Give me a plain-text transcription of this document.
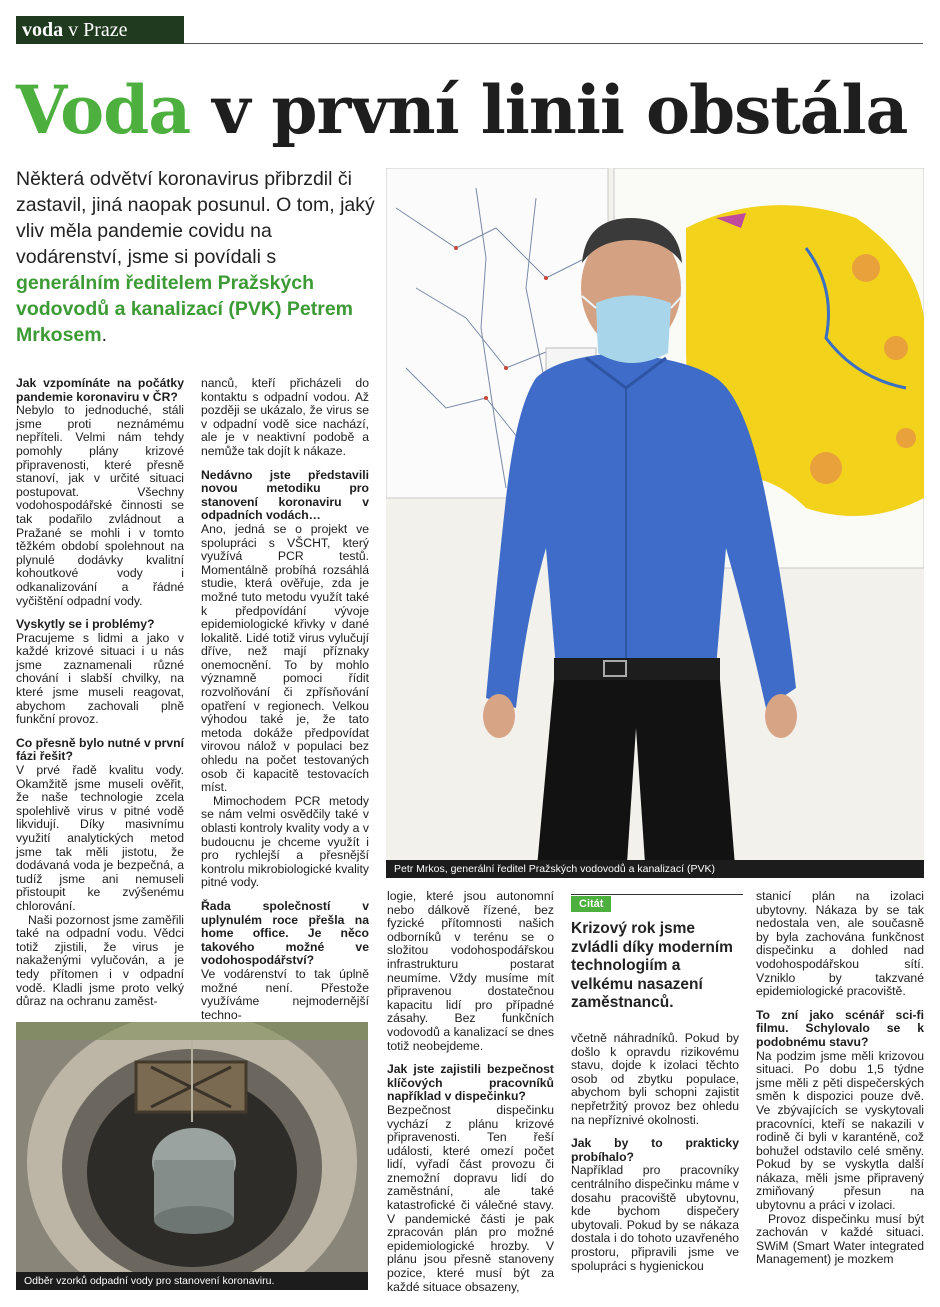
voda v Praze
Voda v první linii obstála
Některá odvětví koronavirus přibrzdil či zastavil, jiná naopak posunul. O tom, jaký vliv měla pandemie covidu na vodárenství, jsme si povídali s generálním ředitelem Pražských vodovodů a kanalizací (PVK) Petrem Mrkosem.
Petr Mrkos, generální ředitel Pražských vodovodů a kanalizací (PVK)

Jak vzpomínáte na počátky pandemie koronaviru v ČR?

Nebylo to jednoduché, stáli jsme proti neznámému nepříteli. Velmi nám tehdy pomohly plány krizové připravenosti, které přesně stanoví, jak v určité situaci postupovat. Všechny vodohospodářské činnosti se tak podařilo zvládnout a Pražané se mohli i v tomto těžkém období spolehnout na plynulé dodávky kvalitní kohoutkové vody i odkanalizování a řádné vyčištění odpadní vody.

Vyskytly se i problémy?

Pracujeme s lidmi a jako v každé krizové situaci i u nás jsme zaznamenali různé chování i slabší chvilky, na které jsme museli reagovat, abychom zachovali plně funkční provoz.

Co přesně bylo nutné v první fázi řešit?

V prvé řadě kvalitu vody. Okamžitě jsme museli ověřit, že naše technologie zcela spolehlivě virus v pitné vodě likvidují. Díky masivnímu využití analytických metod jsme tak měli jistotu, že dodávaná voda je bezpečná, a tudíž jsme ani nemuseli přistoupit ke zvýšenému chlorování.

Naši pozornost jsme zaměřili také na odpadní vodu. Vědci totiž zjistili, že virus je nakaženými vylučován, a je tedy přítomen i v odpadní vodě. Kladli jsme proto velký důraz na ochranu zaměst-

nanců, kteří přicházeli do kontaktu s odpadní vodou. Až později se ukázalo, že virus se v odpadní vodě sice nachází, ale je v neaktivní podobě a nemůže tak dojít k nákaze.

Nedávno jste představili novou metodiku pro stanovení koronaviru v odpadních vodách…

Ano, jedná se o projekt ve spolupráci s VŠCHT, který využívá PCR testů. Momentálně probíhá rozsáhlá studie, která ověřuje, zda je možné tuto metodu využít také k předpovídání vývoje epidemiologické křivky v dané lokalitě. Lidé totiž virus vylučují dříve, než mají příznaky onemocnění. To by mohlo významně pomoci řídit rozvolňování či zpřísňování opatření v regionech. Velkou výhodou také je, že tato metoda dokáže předpovídat virovou nálož v populaci bez ohledu na počet testovaných osob či kapacitě testovacích míst.

Mimochodem PCR metody se nám velmi osvědčily také v oblasti kontroly kvality vody a v budoucnu je chceme využít i pro rychlejší a přesnější kontrolu mikrobiologické kvality pitné vody.

Řada společností v uplynulém roce přešla na home office. Je něco takového možné ve vodohospodářství?

Ve vodárenství to tak úplně možné není. Přestože využíváme nejmodernější techno-

Odběr vzorků odpadní vody pro stanovení koronaviru.

logie, které jsou autonomní nebo dálkově řízené, bez fyzické přítomnosti našich odborníků v terénu se o složitou vodohospodářskou infrastrukturu postarat neumíme. Vždy musíme mít připravenou dostatečnou kapacitu lidí pro případné zásahy. Bez funkčních vodovodů a kanalizací se dnes totiž neobejdeme.

Jak jste zajistili bezpečnost klíčových pracovníků například v dispečinku?

Bezpečnost dispečinku vychází z plánu krizové připravenosti. Ten řeší události, které omezí počet lidí, vyřadí část provozu či znemožní dopravu lidí do zaměstnání, ale také katastrofické či válečné stavy. V pandemické části je pak zpracován plán pro možné epidemiologické hrozby. V plánu jsou přesně stanoveny pozice, které musí být za každé situace obsazeny,

Citát
Krizový rok jsme zvládli díky moderním technologiím a velkému nasazení zaměstnanců.

včetně náhradníků. Pokud by došlo k opravdu rizikovému stavu, dojde k izolaci těchto osob od zbytku populace, abychom byli schopni zajistit nepřetržitý provoz bez ohledu na nepříznivé okolnosti.

Jak by to prakticky probíhalo?

Například pro pracovníky centrálního dispečinku máme v dosahu pracoviště ubytovnu, kde bychom dispečery ubytovali. Pokud by se nákaza dostala i do tohoto uzavřeného prostoru, připravili jsme ve spolupráci s hygienickou

stanicí plán na izolaci ubytovny. Nákaza by se tak nedostala ven, ale současně by byla zachována funkčnost dispečinku a dohled nad vodohospodářskou sítí. Vzniklo by takzvané epidemiologické pracoviště.

To zní jako scénář sci-fi filmu. Schylovalo se k podobnému stavu?

Na podzim jsme měli krizovou situaci. Po dobu 1,5 týdne jsme měli z pěti dispečerských směn k dispozici pouze dvě. Ve zbývajících se vyskytovali pracovníci, kteří se nakazili v rodině či byli v karanténě, což bohužel odstavilo celé směny. Pokud by se vyskytla další nákaza, měli jsme připravený zmiňovaný přesun na ubytovnu a práci v izolaci.

Provoz dispečinku musí být zachován v každé situaci. SWiM (Smart Water integrated Management) je mozkem
